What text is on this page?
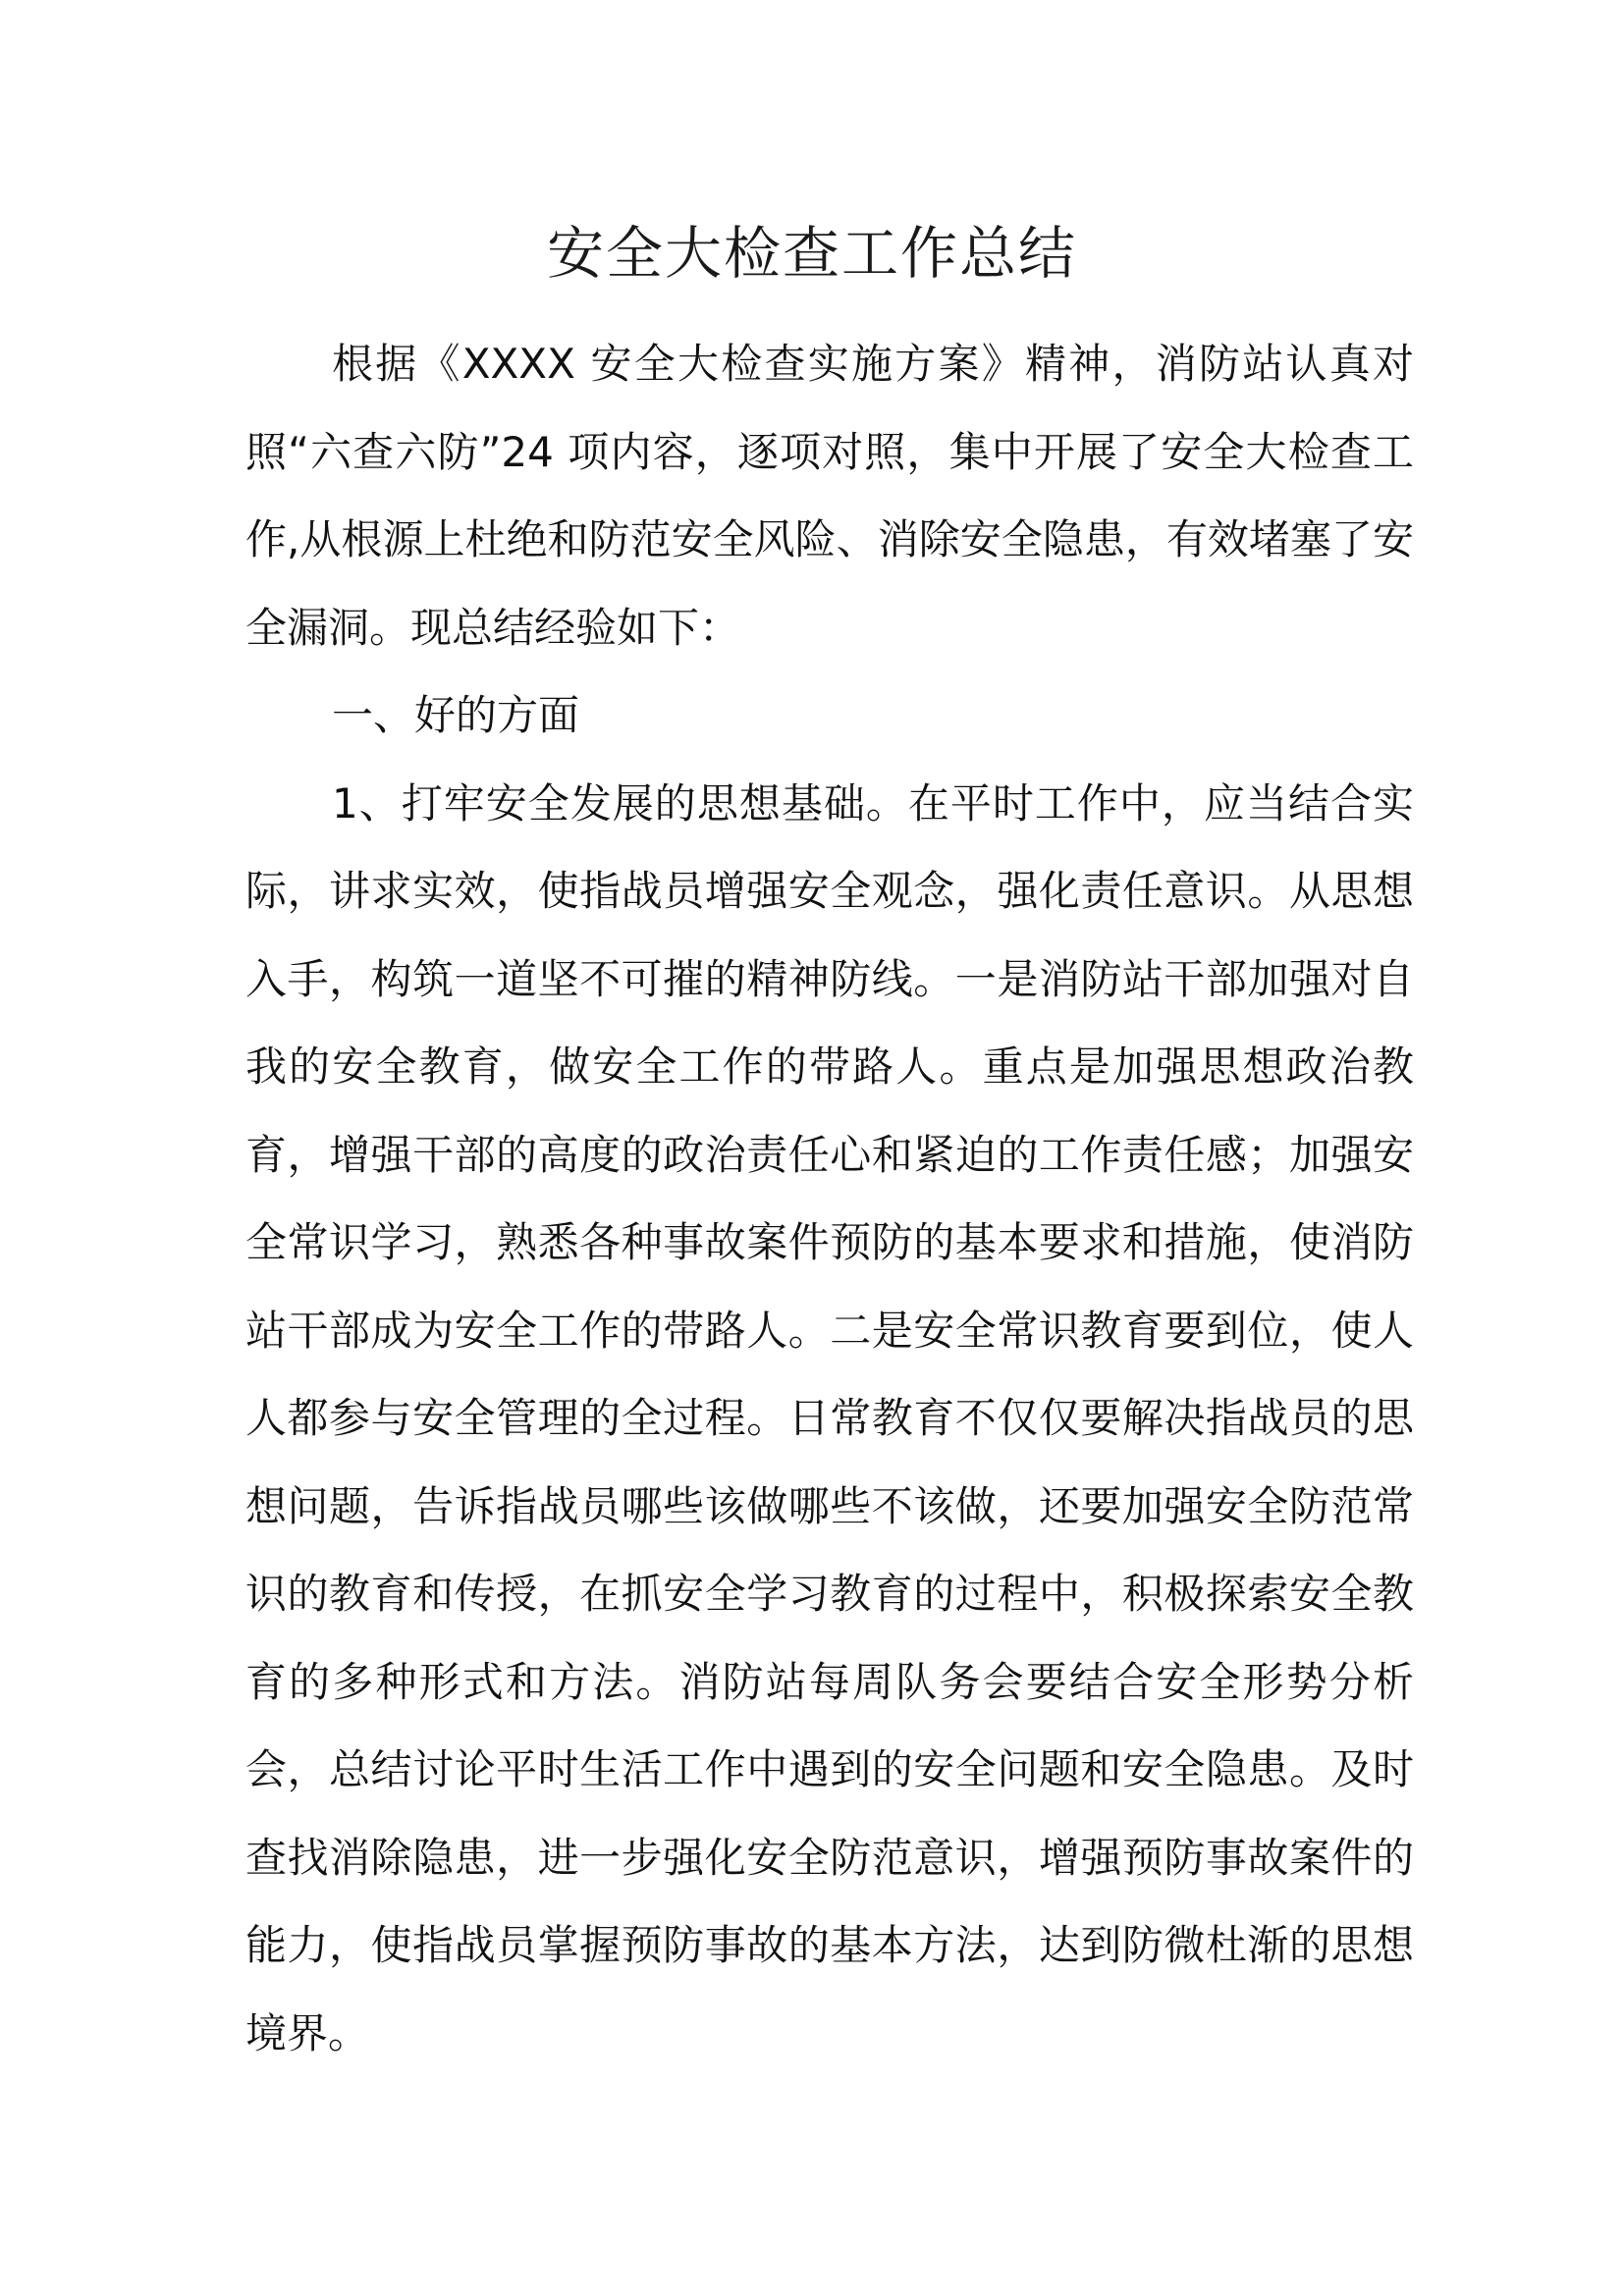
安全大检查工作总结

根据《XXXX 安全大检查实施方案》精神，消防站认真对照“六查六防”24 项内容，逐项对照，集中开展了安全大检查工作,从根源上杜绝和防范安全风险、消除安全隐患，有效堵塞了安全漏洞。现总结经验如下：

一、好的方面

1、打牢安全发展的思想基础。在平时工作中，应当结合实际，讲求实效，使指战员增强安全观念，强化责任意识。从思想入手，构筑一道坚不可摧的精神防线。一是消防站干部加强对自我的安全教育，做安全工作的带路人。重点是加强思想政治教育，增强干部的高度的政治责任心和紧迫的工作责任感；加强安全常识学习，熟悉各种事故案件预防的基本要求和措施，使消防站干部成为安全工作的带路人。二是安全常识教育要到位，使人人都参与安全管理的全过程。日常教育不仅仅要解决指战员的思想问题，告诉指战员哪些该做哪些不该做，还要加强安全防范常识的教育和传授，在抓安全学习教育的过程中，积极探索安全教育的多种形式和方法。消防站每周队务会要结合安全形势分析会，总结讨论平时生活工作中遇到的安全问题和安全隐患。及时查找消除隐患，进一步强化安全防范意识，增强预防事故案件的能力，使指战员掌握预防事故的基本方法，达到防微杜渐的思想境界。
